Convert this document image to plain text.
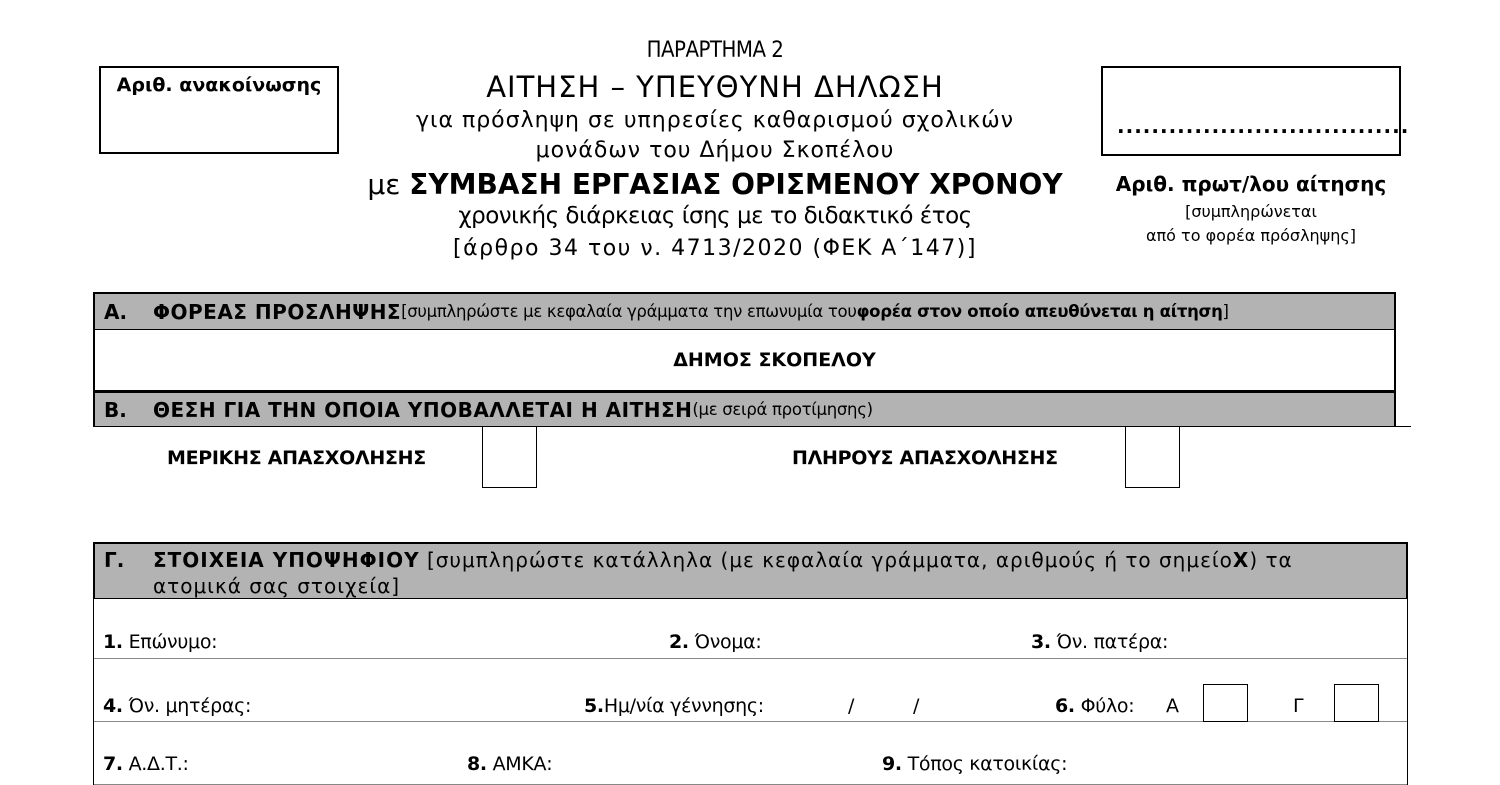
Αριθ. ανακοίνωσης
ΠΑΡΑΡΤΗΜΑ 2
ΑΙΤΗΣΗ – ΥΠΕΥΘΥΝΗ ΔΗΛΩΣΗ
για πρόσληψη σε υπηρεσίες καθαρισμού σχολικών
μονάδων του Δήμου Σκοπέλου
με ΣΥΜΒΑΣΗ ΕΡΓΑΣΙΑΣ ΟΡΙΣΜΕΝΟΥ ΧΡΟΝΟΥ
χρονικής διάρκειας ίσης με το διδακτικό έτος
[άρθρο 34 του ν. 4713/2020 (ΦΕΚ Α΄147)]
..................................
Αριθ. πρωτ/λου αίτησης
[συμπληρώνεται
από το φορέα πρόσληψης]
Α.	ΦΟΡΕΑΣ ΠΡΟΣΛΗΨΗΣ [συμπληρώστε με κεφαλαία γράμματα την επωνυμία του φορέα στον οποίο απευθύνεται η αίτηση ]
ΔΗΜΟΣ ΣΚΟΠΕΛΟΥ
Β.	ΘΕΣΗ ΓΙΑ ΤΗΝ ΟΠΟΙΑ ΥΠΟΒΑΛΛΕΤΑΙ Η ΑΙΤΗΣΗ (με σειρά προτίμησης)
ΜΕΡΙΚΗΣ ΑΠΑΣΧΟΛΗΣΗΣ	ΠΛΗΡΟΥΣ ΑΠΑΣΧΟΛΗΣΗΣ
Γ.	ΣΤΟΙΧΕΙΑ ΥΠΟΨΗΦΙΟΥ
[συμπληρώστε κατάλληλα (με κεφαλαία γράμματα, αριθμούς ή το σημείο Χ ) τα
ατομικά σας στοιχεία]
1. Επώνυμο:	2. Όνομα:	3. Όν. πατέρα:
4. Όν. μητέρας:	5.Ημ/νία γέννησης:	/	/	6. Φύλο: Α	Γ
7. Α.Δ.Τ.:	8. ΑΜΚΑ:	9. Τόπος κατοικίας:
